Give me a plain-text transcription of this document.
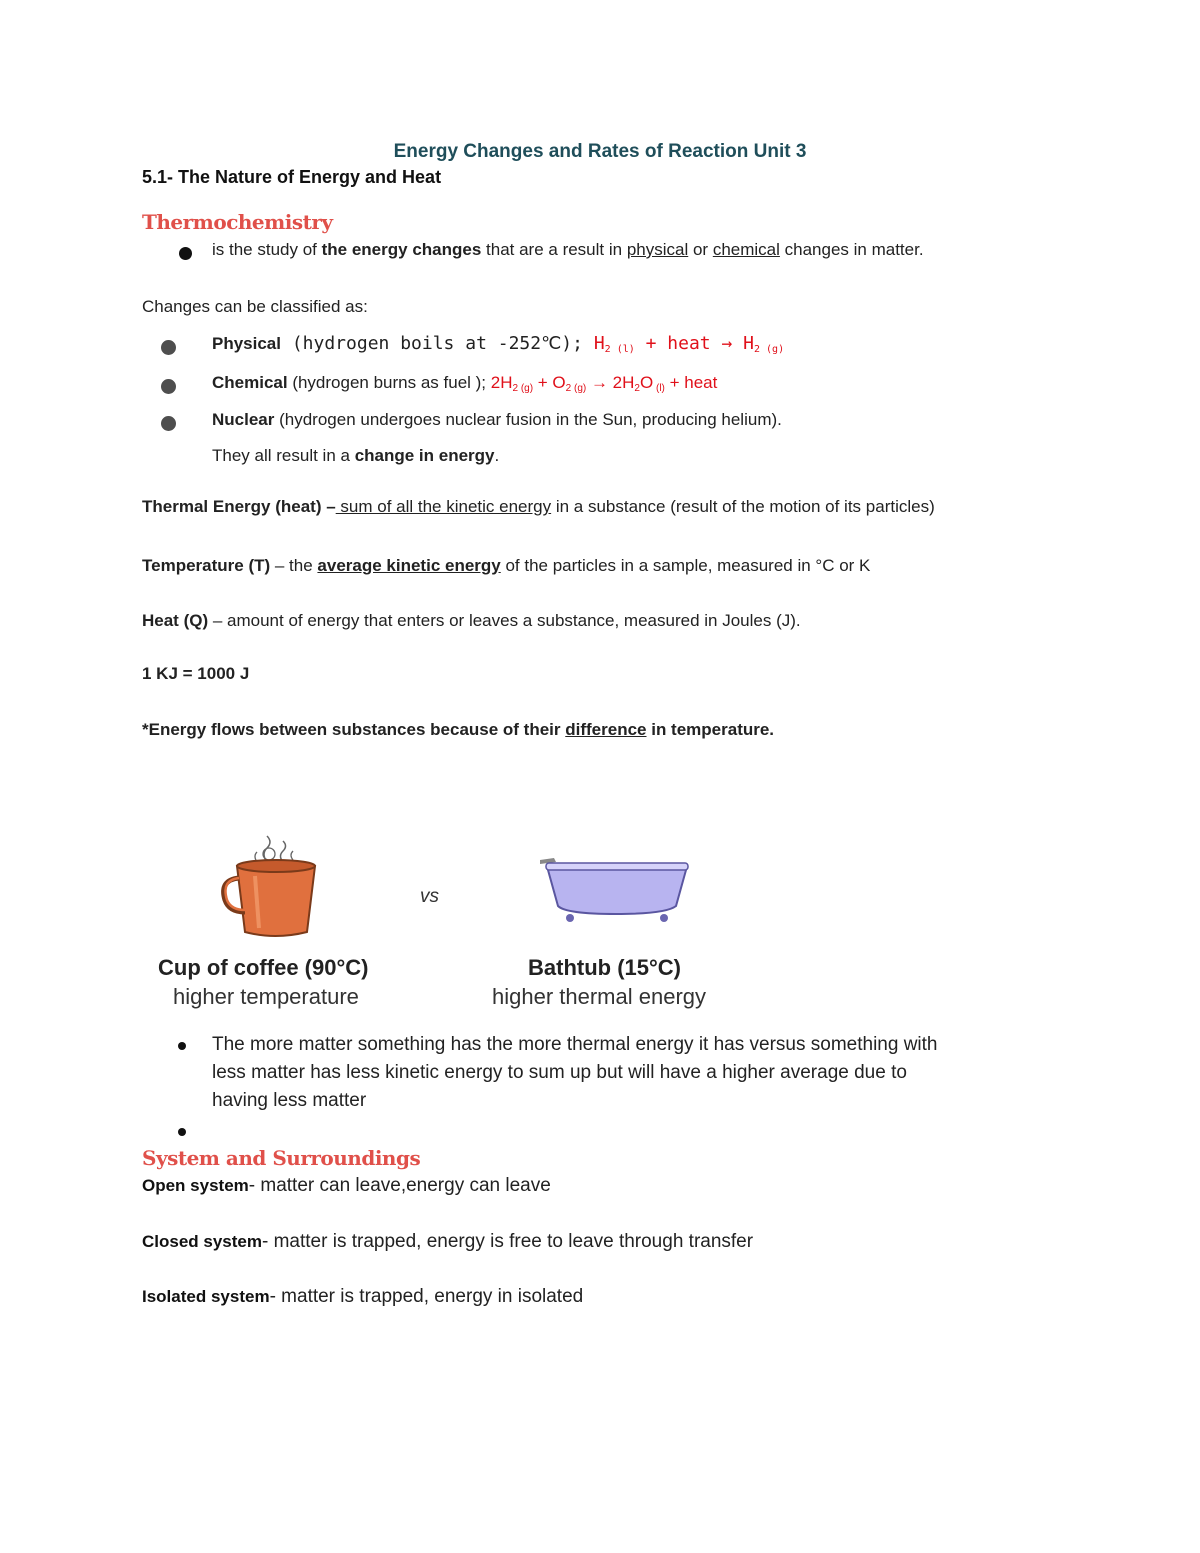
Energy Changes and Rates of Reaction Unit 3
5.1- The Nature of Energy and Heat
Thermochemistry
is the study of the energy changes that are a result in physical or chemical changes in matter.
Changes can be classified as:
Physical (hydrogen boils at -252℃); $H_{2 (l)}$ + heat → $H_{2 (g)}$
Chemical (hydrogen burns as fuel ); $2H_{2 (g)} + O_{2 (g)} \to 2H_2O$ $_{(l)}$ + heat
Nuclear (hydrogen undergoes nuclear fusion in the Sun, producing helium).
They all result in a change in energy.
Thermal Energy (heat) – sum of all the kinetic energy in a substance (result of the motion of its particles)
Temperature (T) – the average kinetic energy of the particles in a sample, measured in °C or K
Heat (Q) – amount of energy that enters or leaves a substance, measured in Joules (J).
1 KJ = 1000 J
*Energy flows between substances because of their difference in temperature.
vs
Cup of coffee (90°C)
higher temperature
Bathtub (15°C)
higher thermal energy
The more matter something has the more thermal energy it has versus something with
less matter has less kinetic energy to sum up but will have a higher average due to
having less matter
System and Surroundings
Open system- matter can leave,energy can leave
Closed system- matter is trapped, energy is free to leave through transfer
Isolated system- matter is trapped, energy in isolated
